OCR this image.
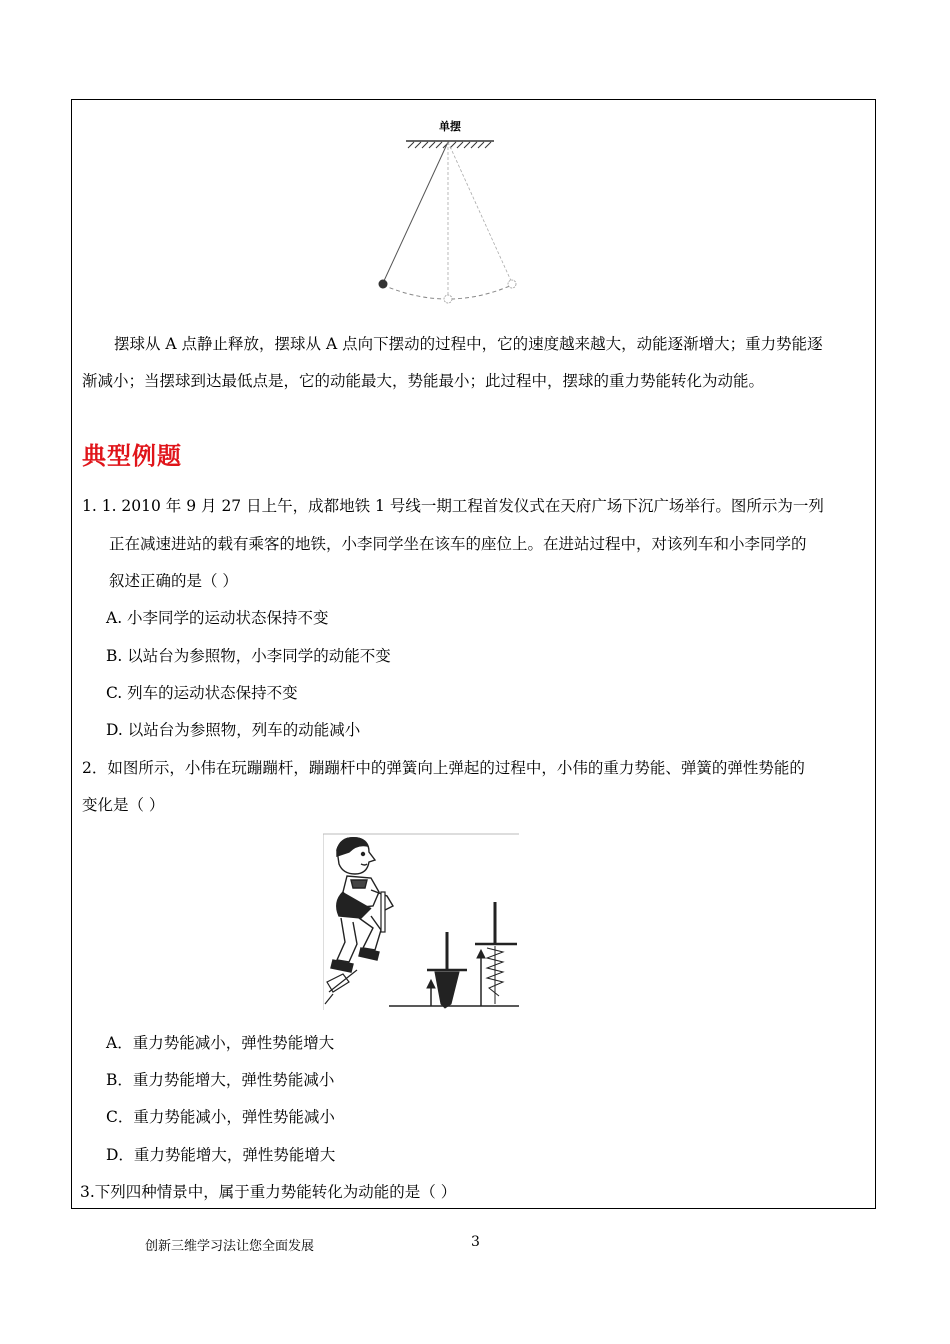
单摆
摆球从 A 点静止释放，摆球从 A 点向下摆动的过程中，它的速度越来越大，动能逐渐增大；重力势能逐
渐减小；当摆球到达最低点是，它的动能最大，势能最小；此过程中，摆球的重力势能转化为动能。
典型例题
1. 1. 2010 年 9 月 27 日上午，成都地铁 1 号线一期工程首发仪式在天府广场下沉广场举行。图所示为一列
正在减速进站的载有乘客的地铁，小李同学坐在该车的座位上。在进站过程中，对该列车和小李同学的
叙述正确的是（ ）
A. 小李同学的运动状态保持不变
B. 以站台为参照物，小李同学的动能不变
C. 列车的运动状态保持不变
D. 以站台为参照物，列车的动能减小
2．如图所示，小伟在玩蹦蹦杆，蹦蹦杆中的弹簧向上弹起的过程中，小伟的重力势能、弹簧的弹性势能的
变化是（ ）
A．重力势能减小，弹性势能增大
B．重力势能增大，弹性势能减小
C．重力势能减小，弹性势能减小
D．重力势能增大，弹性势能增大
3.下列四种情景中，属于重力势能转化为动能的是（ ）
创新三维学习法让您全面发展	3
